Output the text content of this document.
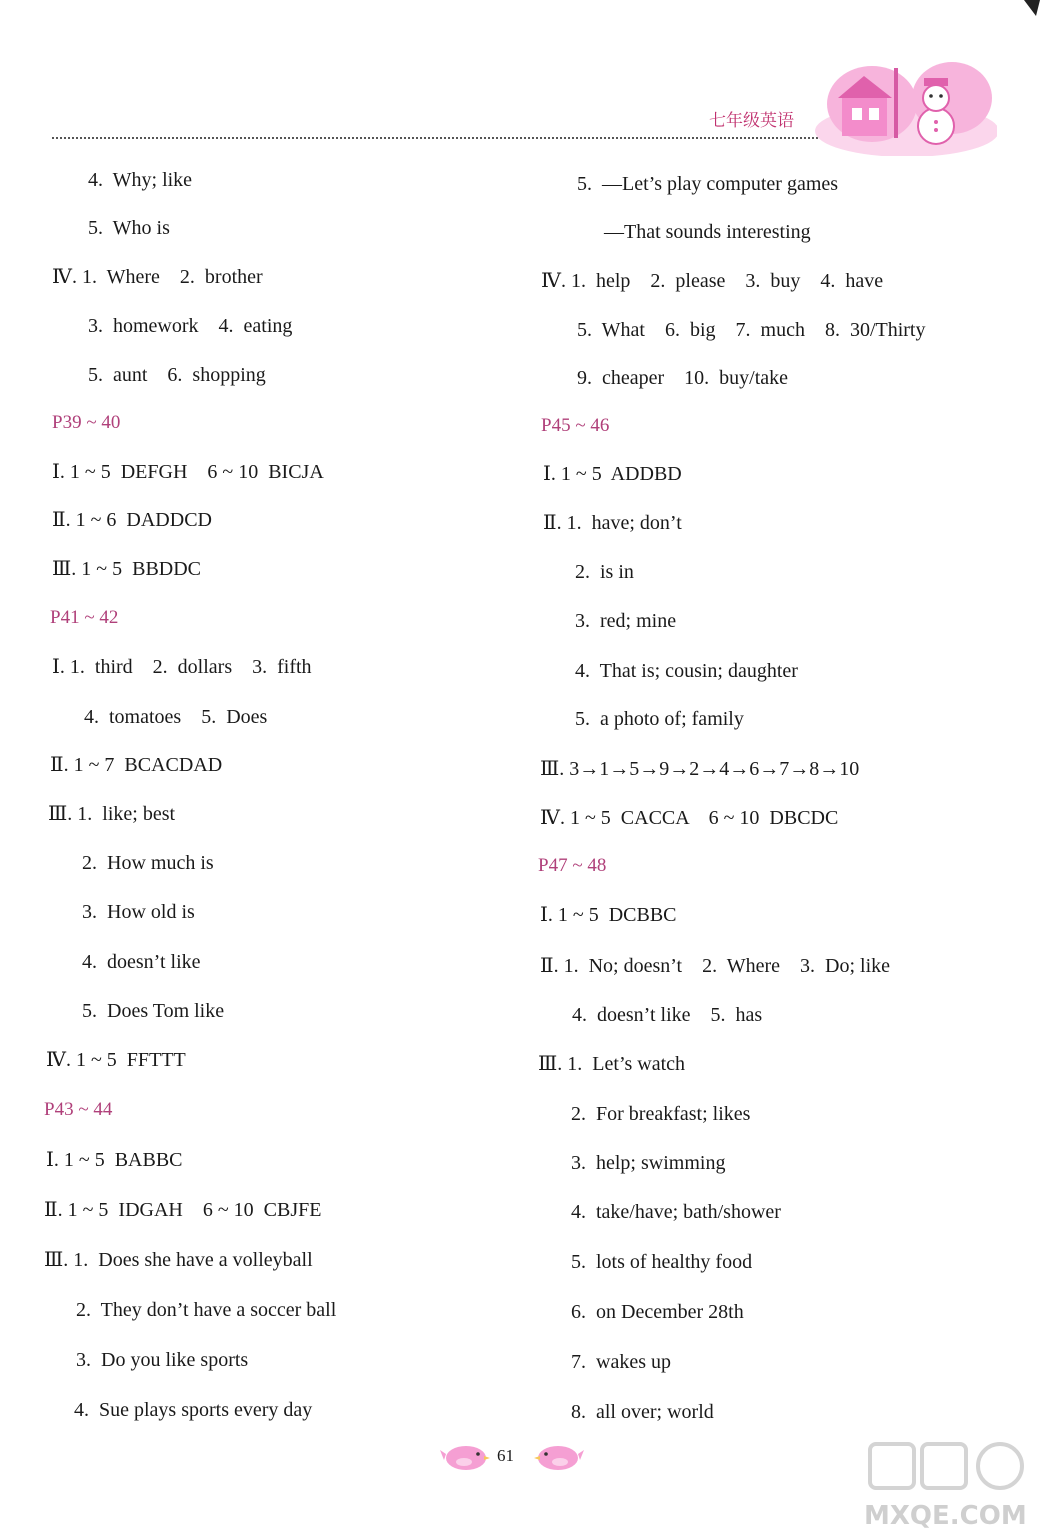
七年级英语
4.  Why; like
5.  Who is
Ⅳ. 1.  Where    2.  brother
3.  homework    4.  eating
5.  aunt    6.  shopping
P39 ~ 40
Ⅰ. 1 ~ 5  DEFGH    6 ~ 10  BICJA
Ⅱ. 1 ~ 6  DADDCD
Ⅲ. 1 ~ 5  BBDDC
P41 ~ 42
Ⅰ. 1.  third    2.  dollars    3.  fifth
4.  tomatoes    5.  Does
Ⅱ. 1 ~ 7  BCACDAD
Ⅲ. 1.  like; best
2.  How much is
3.  How old is
4.  doesn’t like
5.  Does Tom like
Ⅳ. 1 ~ 5  FFTTT
P43 ~ 44
Ⅰ. 1 ~ 5  BABBC
Ⅱ. 1 ~ 5  IDGAH    6 ~ 10  CBJFE
Ⅲ. 1.  Does she have a volleyball
2.  They don’t have a soccer ball
3.  Do you like sports
4.  Sue plays sports every day
5.  —Let’s play computer games
—That sounds interesting
Ⅳ. 1.  help    2.  please    3.  buy    4.  have
5.  What    6.  big    7.  much    8.  30/Thirty
9.  cheaper    10.  buy/take
P45 ~ 46
Ⅰ. 1 ~ 5  ADDBD
Ⅱ. 1.  have; don’t
2.  is in
3.  red; mine
4.  That is; cousin; daughter
5.  a photo of; family
Ⅲ. 3→1→5→9→2→4→6→7→8→10
Ⅳ. 1 ~ 5  CACCA    6 ~ 10  DBCDC
P47 ~ 48
Ⅰ. 1 ~ 5  DCBBC
Ⅱ. 1.  No; doesn’t    2.  Where    3.  Do; like
4.  doesn’t like    5.  has
Ⅲ. 1.  Let’s watch
2.  For breakfast; likes
3.  help; swimming
4.  take/have; bath/shower
5.  lots of healthy food
6.  on December 28th
7.  wakes up
8.  all over; world
61
MXQE.COM
